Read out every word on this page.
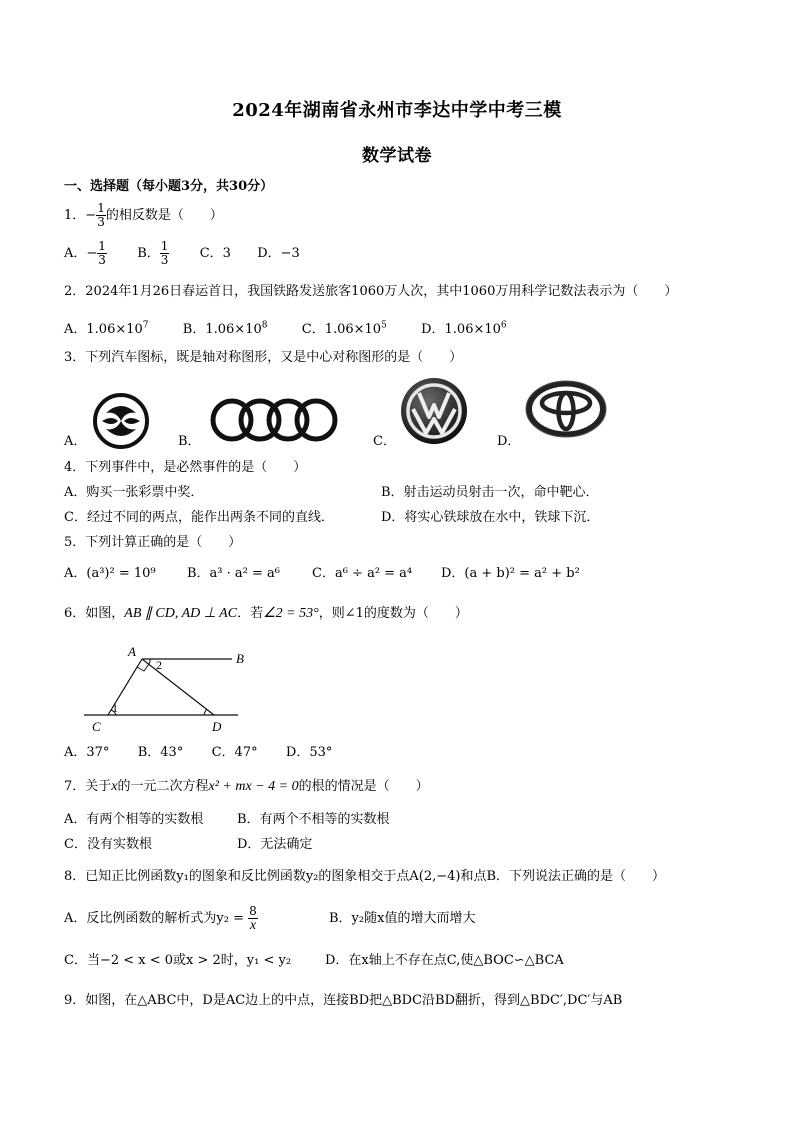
2024年湖南省永州市李达中学中考三模
数学试卷
一、选择题（每小题3分，共30分）
1．− $\frac{1}{3}$ 的相反数是（　　）
A．− $\frac{1}{3}$ B． $\frac{1}{3}$ C．3 D．−3
2．2024年1月26日春运首日，我国铁路发送旅客1060万人次，其中1060万用科学记数法表示为（　　）
A．$1.06\times 10^7$	B．$1.06\times 10^8$	C．$1.06\times 10^5$	D．$1.06\times 10^6$
3．下列汽车图标，既是轴对称图形，又是中心对称图形的是（　　）
A．	B．	C．	D．
4．下列事件中，是必然事件的是（　　）
A．购买一张彩票中奖．	B．射击运动员射击一次，命中靶心．
C．经过不同的两点，能作出两条不同的直线．	D．将实心铁球放在水中，铁球下沉．
5．下列计算正确的是（　　）
A．(a³)² = 10⁹ B．a³ · a² = a⁶ C．a⁶ ÷ a² = a⁴ D．(a + b)² = a² + b²
6．如图，AB ∥ CD, AD ⊥ AC．若∠2 = 53°，则∠1的度数为（　　）
A	B
C	D
1
2
A．37° B．43° C．47° D．53°
7．关于x的一元二次方程x² + mx − 4 = 0的根的情况是（　　）
A．有两个相等的实数根	B．有两个不相等的实数根
C．没有实数根	D．无法确定
8．已知正比例函数y₁的图象和反比例函数y₂的图象相交于点A(2,−4)和点B．下列说法正确的是（　　）
A．反比例函数的解析式为$y_2 = \frac{8}{x}$	B．y₂随x值的增大而增大
C．当−2 < x < 0或x > 2时，y₁ < y₂	D．在x轴上不存在点C,使△BOC∽△BCA
9．如图，在△ABC中，D是AC边上的中点，连接BD把△BDC沿BD翻折，得到△BDC′,DC′与AB
